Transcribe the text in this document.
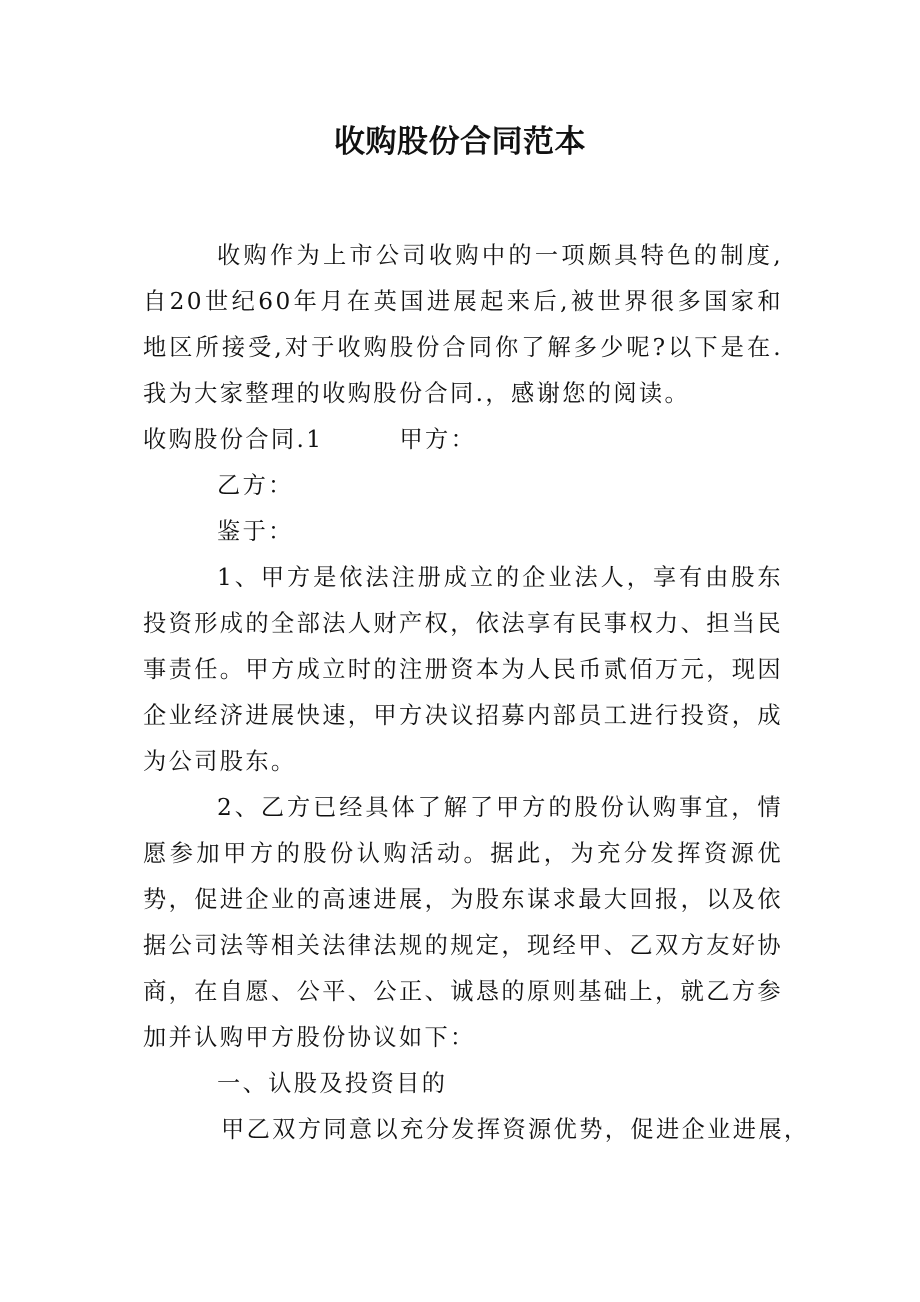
收购股份合同范本

收购作为上市公司收购中的一项颇具特色的制度,自20世纪60年月在英国进展起来后,被世界很多国家和地区所接受,对于收购股份合同你了解多少呢?以下是在.我为大家整理的收购股份合同.，感谢您的阅读。

收购股份合同.1	甲方：

乙方：

鉴于：

1、甲方是依法注册成立的企业法人，享有由股东投资形成的全部法人财产权，依法享有民事权力、担当民事责任。甲方成立时的注册资本为人民币贰佰万元，现因企业经济进展快速，甲方决议招募内部员工进行投资，成为公司股东。

2、乙方已经具体了解了甲方的股份认购事宜，情愿参加甲方的股份认购活动。据此，为充分发挥资源优势，促进企业的高速进展，为股东谋求最大回报，以及依据公司法等相关法律法规的规定，现经甲、乙双方友好协商，在自愿、公平、公正、诚恳的原则基础上，就乙方参加并认购甲方股份协议如下：

一、认股及投资目的

甲乙双方同意以充分发挥资源优势，促进企业进展，
